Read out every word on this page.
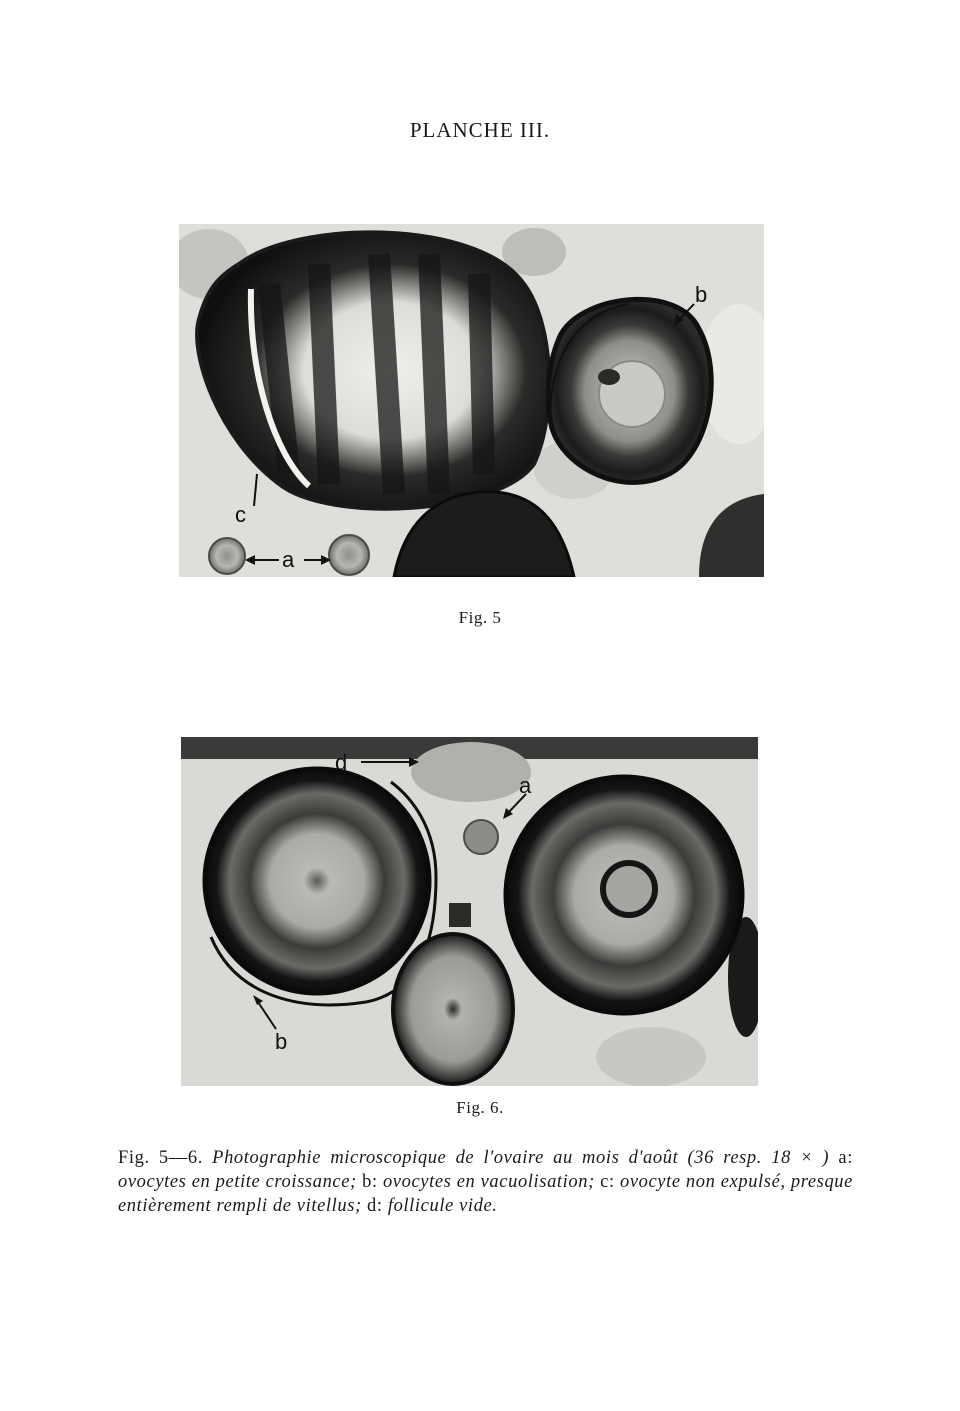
PLANCHE III.
a
b
c
Fig. 5
d
a
b
Fig. 6.
Fig. 5—6. Photographie microscopique de l'ovaire au mois d'août (36 resp. 18 × ) a: ovocytes en petite croissance; b: ovocytes en vacuolisation; c: ovocyte non expulsé, presque entièrement rempli de vitellus; d: follicule vide.
